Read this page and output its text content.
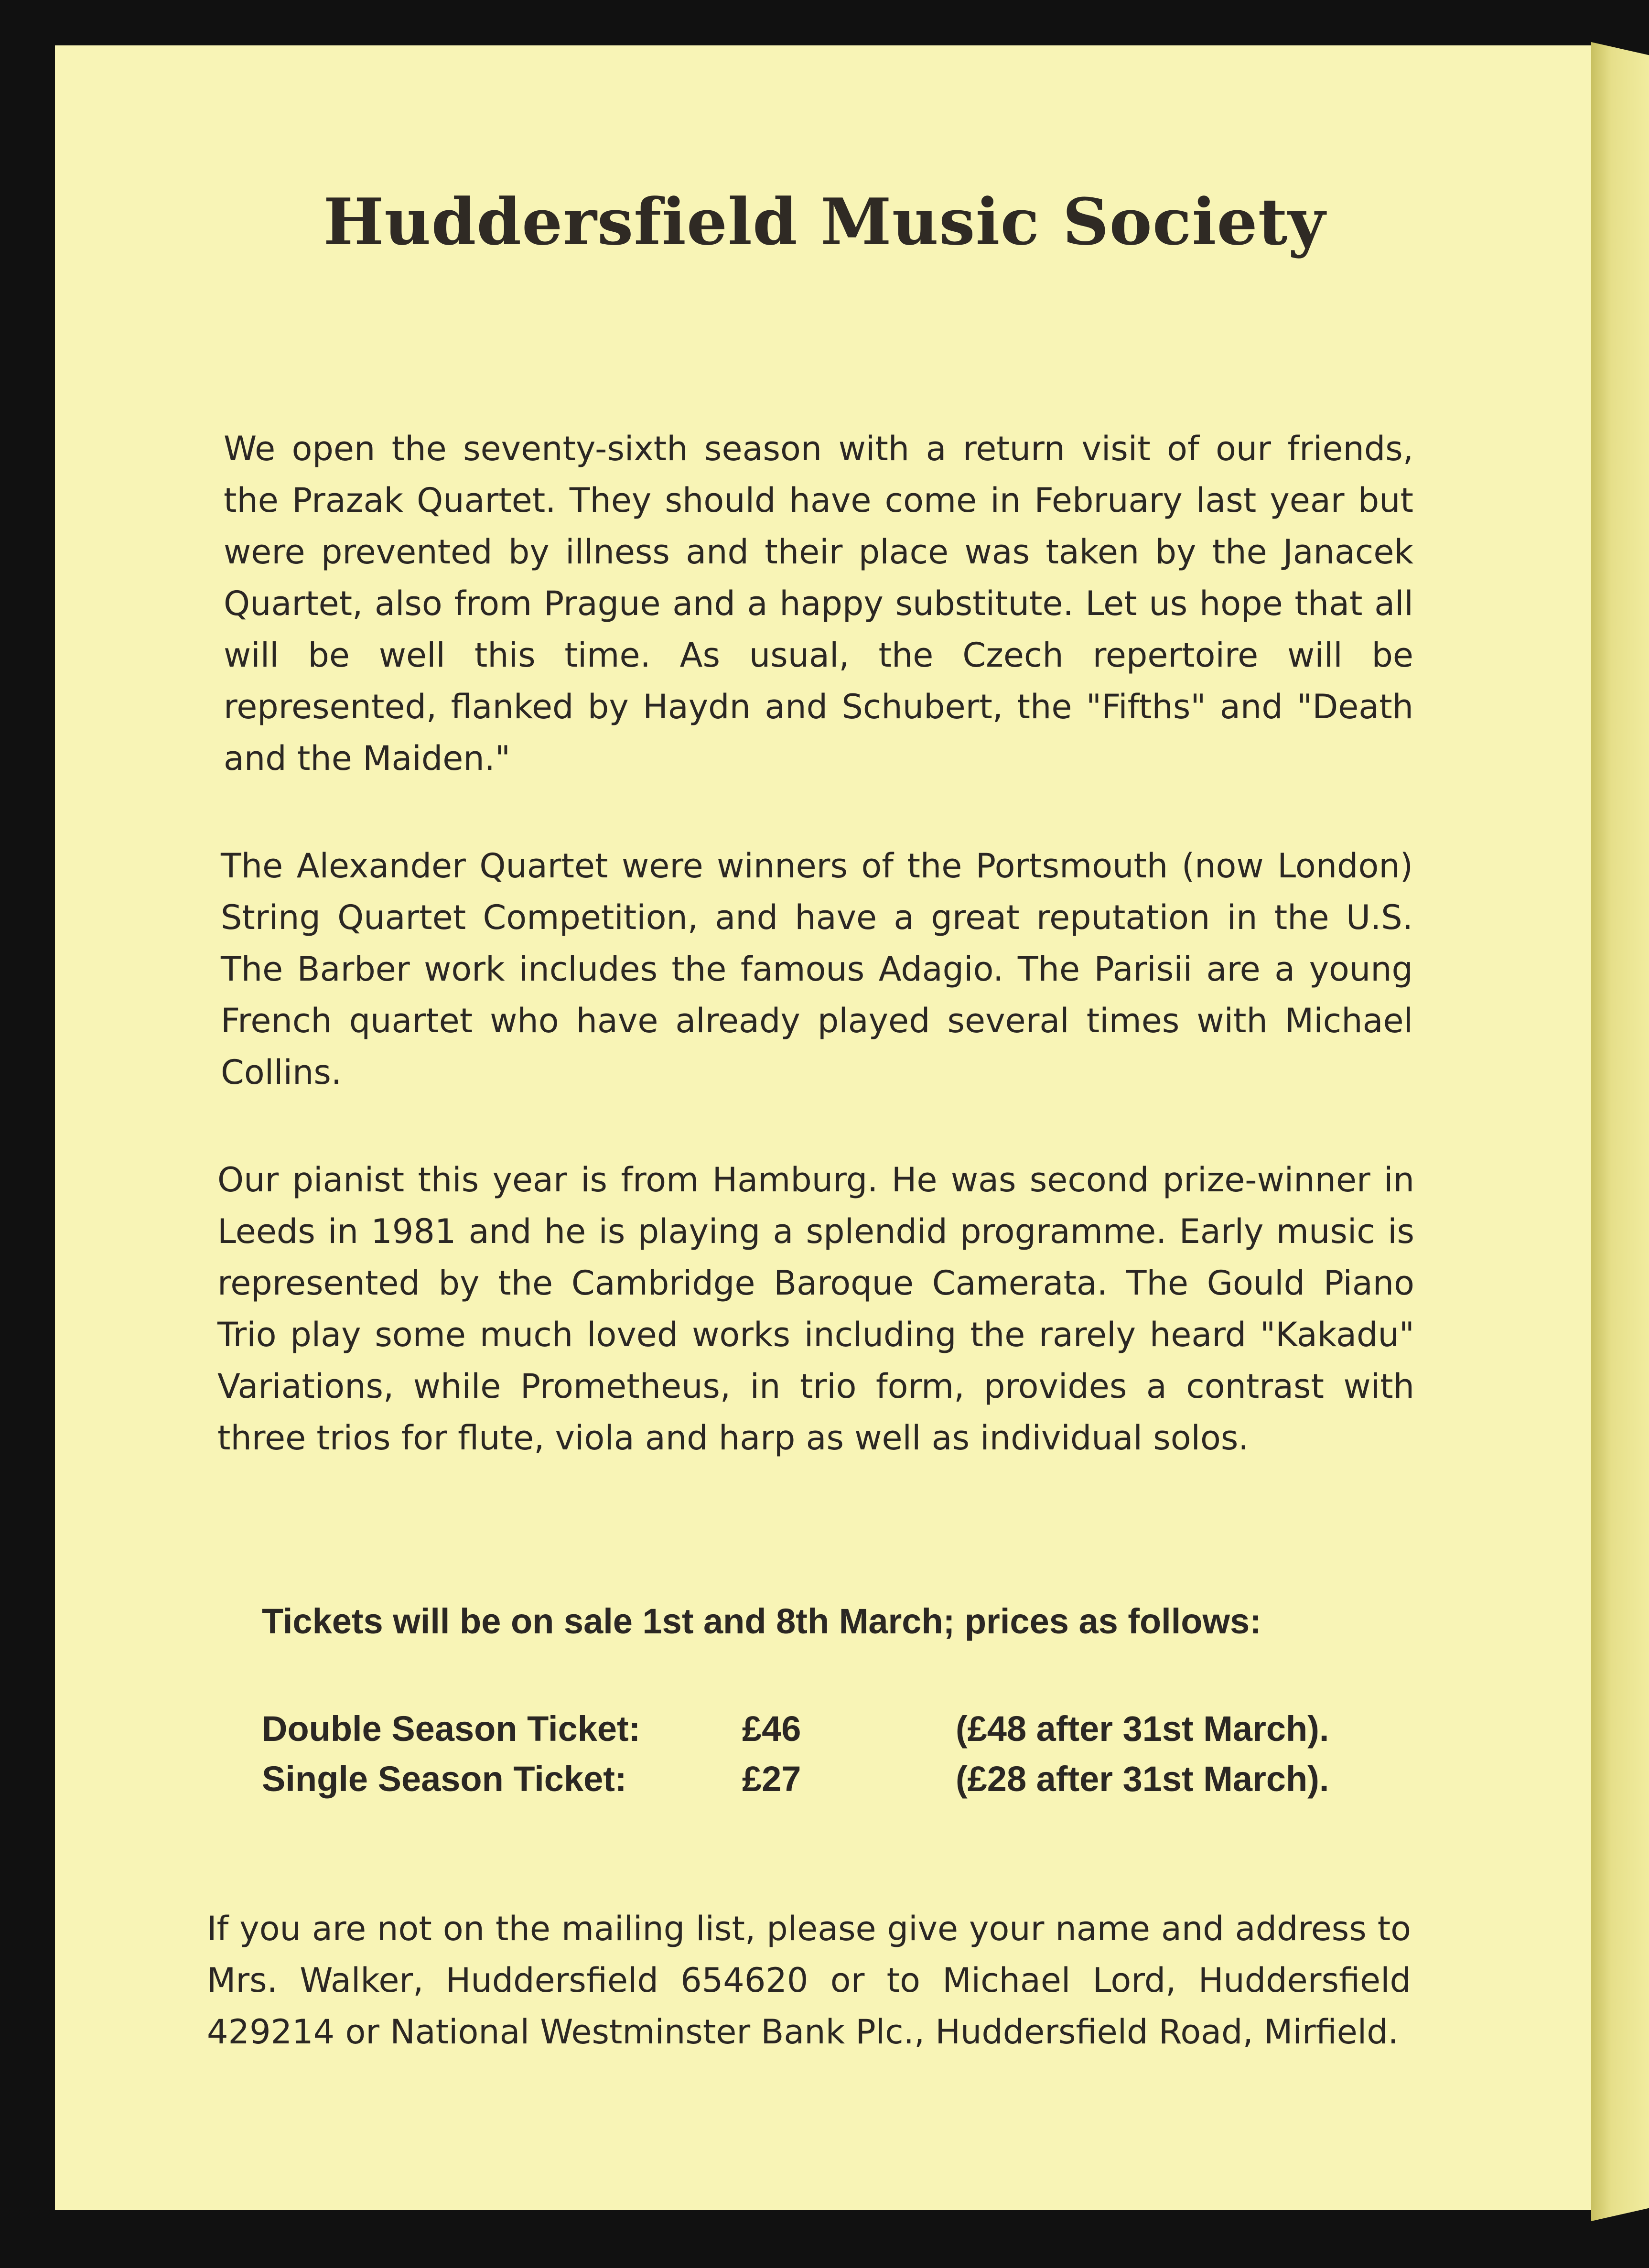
Huddersfield Music Society

We open the seventy-sixth season with a return visit of our friends, the Prazak Quartet. They should have come in February last year but were prevented by illness and their place was taken by the Janacek Quartet, also from Prague and a happy substitute. Let us hope that all will be well this time. As usual, the Czech repertoire will be represented, flanked by Haydn and Schubert, the "Fifths" and "Death and the Maiden."

The Alexander Quartet were winners of the Portsmouth (now London) String Quartet Competition, and have a great reputation in the U.S. The Barber work includes the famous Adagio. The Parisii are a young French quartet who have already played several times with Michael Collins.

Our pianist this year is from Hamburg. He was second prize-winner in Leeds in 1981 and he is playing a splendid programme. Early music is represented by the Cambridge Baroque Camerata. The Gould Piano Trio play some much loved works including the rarely heard "Kakadu" Variations, while Prometheus, in trio form, provides a contrast with three trios for flute, viola and harp as well as individual solos.

Tickets will be on sale 1st and 8th March; prices as follows:

Double Season Ticket:	£46	(£48 after 31st March).
Single Season Ticket:	£27	(£28 after 31st March).

If you are not on the mailing list, please give your name and address to Mrs. Walker, Huddersfield 654620 or to Michael Lord, Huddersfield 429214 or National Westminster Bank Plc., Huddersfield Road, Mirfield.
